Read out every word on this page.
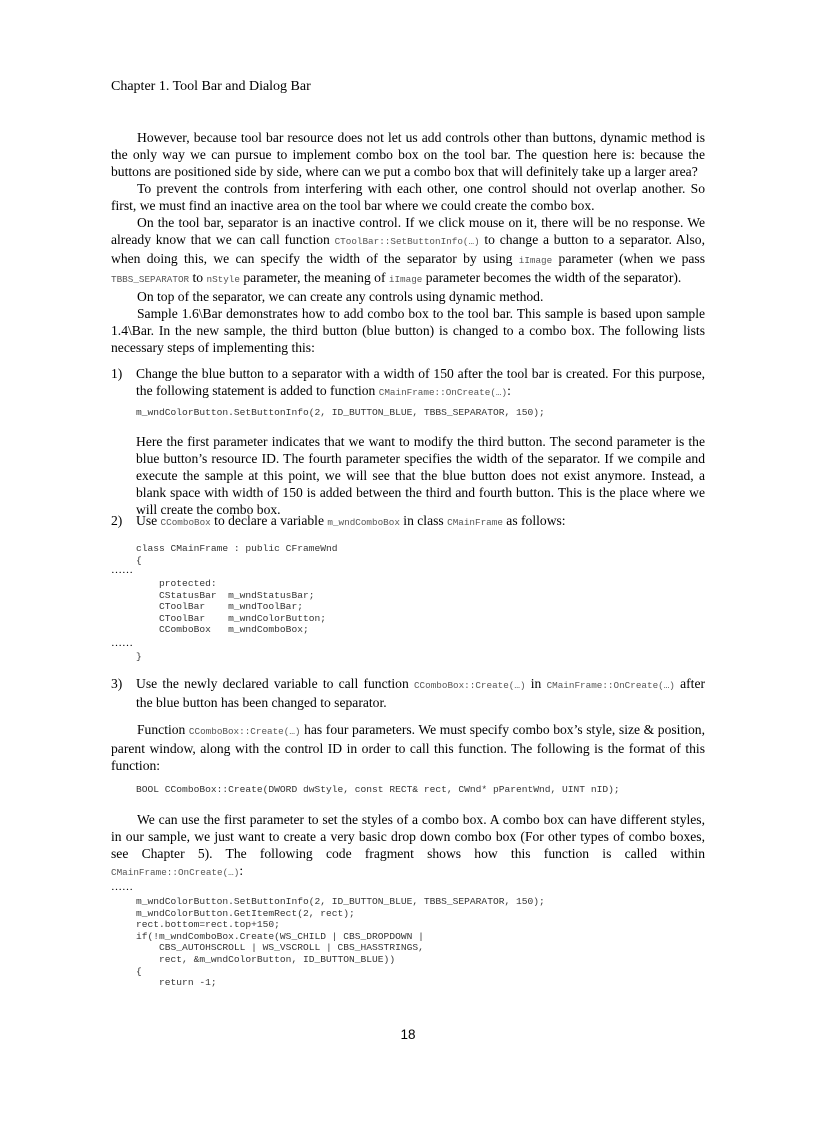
Chapter 1. Tool Bar and Dialog Bar

However, because tool bar resource does not let us add controls other than buttons, dynamic method is the only way we can pursue to implement combo box on the tool bar. The question here is: because the buttons are positioned side by side, where can we put a combo box that will definitely take up a larger area?

To prevent the controls from interfering with each other, one control should not overlap another. So first, we must find an inactive area on the tool bar where we could create the combo box.

On the tool bar, separator is an inactive control. If we click mouse on it, there will be no response. We already know that we can call function CToolBar::SetButtonInfo(…) to change a button to a separator. Also, when doing this, we can specify the width of the separator by using iImage parameter (when we pass TBBS_SEPARATOR to nStyle parameter, the meaning of iImage parameter becomes the width of the separator).

On top of the separator, we can create any controls using dynamic method.

Sample 1.6\Bar demonstrates how to add combo box to the tool bar. This sample is based upon sample 1.4\Bar. In the new sample, the third button (blue button) is changed to a combo box. The following lists necessary steps of implementing this:

1) Change the blue button to a separator with a width of 150 after the tool bar is created. For this purpose, the following statement is added to function CMainFrame::OnCreate(…):
m_wndColorButton.SetButtonInfo(2, ID_BUTTON_BLUE, TBBS_SEPARATOR, 150);
Here the first parameter indicates that we want to modify the third button. The second parameter is the blue button’s resource ID. The fourth parameter specifies the width of the separator. If we compile and execute the sample at this point, we will see that the blue button does not exist anymore. Instead, a blank space with width of 150 is added between the third and fourth button. This is the place where we will create the combo box.
2) Use CComboBox to declare a variable m_wndComboBox in class CMainFrame as follows:
class CMainFrame : public CFrameWnd
{
……
protected:
CStatusBar  m_wndStatusBar;
CToolBar    m_wndToolBar;
CToolBar    m_wndColorButton;
CComboBox   m_wndComboBox;
……
}
3) Use the newly declared variable to call function CComboBox::Create(…) in CMainFrame::OnCreate(…) after the blue button has been changed to separator.

Function CComboBox::Create(…) has four parameters. We must specify combo box’s style, size & position, parent window, along with the control ID in order to call this function. The following is the format of this function:

BOOL CComboBox::Create(DWORD dwStyle, const RECT& rect, CWnd* pParentWnd, UINT nID);

We can use the first parameter to set the styles of a combo box. A combo box can have different styles, in our sample, we just want to create a very basic drop down combo box (For other types of combo boxes, see Chapter 5). The following code fragment shows how this function is called within CMainFrame::OnCreate(…):

……
m_wndColorButton.SetButtonInfo(2, ID_BUTTON_BLUE, TBBS_SEPARATOR, 150);
m_wndColorButton.GetItemRect(2, rect);
rect.bottom=rect.top+150;
if(!m_wndComboBox.Create(WS_CHILD | CBS_DROPDOWN |
CBS_AUTOHSCROLL | WS_VSCROLL | CBS_HASSTRINGS,
rect, &m_wndColorButton, ID_BUTTON_BLUE))
{
return -1;
18
